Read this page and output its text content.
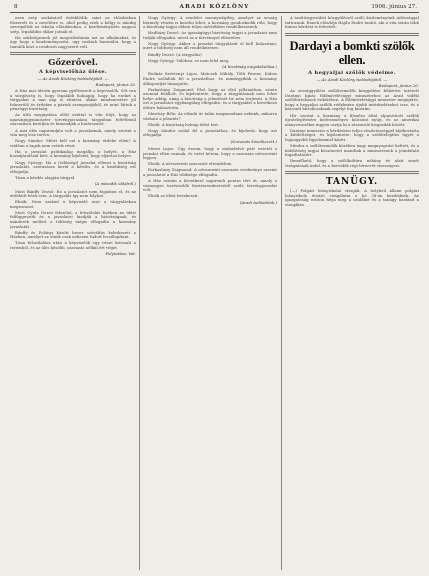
8	ARADI KÖZLÖNY	1906. június 27.

ezen szép szokásáról érdeklődik, mint az előadásban főszerelt és a nevelésre is, ahol pedig ezek a hölgy is mindig szerepeltek az iskolai előadásokon, a kezdeményezés nagyon szép, legalábbis ekkor jutnak el.

Ha szükségesnek jól megvalósítania azt az alkalmakat, és úgy hogy a kezdeményezést, ugy szoktak használni, hogy a tanulók közt a rendezés nagyszerű volt.

Gőzerővel.
A képviselőház ülése.
— Az Aradi Közlöny tudósítójától. —
Budapest, június 26.

A Ház mai ülésén gyorsan gyűlésezett a képviselők. Sőt van a sürgősség is, hogy legalább holnapig, hogy ha ezeket a tárgyakat a mai nap is elintézi, akkor mindenesetre jól felmerülő és érdekes a pártok szempontjából, és mint láttuk a pénzügyi bizottság.

Az ülés megnyitása előtt ezúttal is vita folyt, hogy az igazságügyminiszter törvényjavaslata tárgyában feltétlenül szavazásra kerüljön és kimondják a határozatot.

A mai ülés napirendjén volt a javaslatnak, amely szerint a vita meg lesz tartva.

Nagy Sándor: Miért kell ezt a kormány érdeke ellen? A vitában a tagok nem vettek részt.

Ha a javaslat politikailag megállja a helyét, a Ház hozzájárulását kéri, a kormány kijelenti, hogy eljárása helyes.

Nagy György: Ha a (többségi) javaslat ellenzi a bizottság javaslatát, szavazásra kerül a kérdés, és a kisebbség ezt elfogadja.

Tisza a kérdés alapján tárgyal.

(A második oldalról.)

Most Bánffy Dezső: Én a javaslatot nem fogadom el, és az érdekelt felek sem. A tárgyalás így nem folyhat.

Elnök: Nem szabad a képviselő urat a tárgyalásban megzavarni.

Most Gyula Dezső felszólal, a felszólalás fejében az ülést felfüggesztik és a javaslatot kiadják a bizottságnak, és mindezek mellett a többség mégis elfogadta a kormány javaslatát.

Bánffy és Polónyi között heves szóváltás keletkezett a Házban, amelyet az elnök csak nehezen tudott lecsillapítani.

Tisza felszólalása után a képviselők egy része kivonult a teremből, és az ülés később, szavazás nélkül ért véget.

Folytatása: Vat.

Nagy György: A rendelet mennyiségileg, amelyet az ország bármely részén is kezelni lehet, a kormány gondoskodik róla, hogy a bizottság tagjai ebben teljes mértékben rendelkezzenek.

Hadházy Dezső: Az igazságügyi bizottság tagjai a javaslatot nem tudják elfogadni, mivel az a törvénnyel ellentétes.

Nagy György: Akkor a javaslat tárgyalását el kell halasztani, mert a többség nem áll rendelkezésre.

Bánffy Dezső: (A tárgyalás)

Nagy György: Valóban, ez nem felel meg.

(A bizottság megalakulása.)

Bodnár Szévtenyi Lajos, Matcsek Mihály, Tóth Ferenc, Kabos Endre szólaltak fel a javaslathoz, és mindegyikük a kormány álláspontját támogatta.

Farkasházy Zsigmond: Első hogy az első pillanatban, szinte azonnal felállott, és kijelentette, hogy a tárgyalásnak nem lehet helye addig, amíg a bizottság a jelentését be nem terjeszti. A Ház ezt a javaslatot egyhangúlag elfogadta, és a tárgyalást a következő ülésre halasztotta.

Mezőssy Béla: Az előadó úr talán megmondaná nekünk, mikorra várható a jelentés?

Elnök: A bizottság holnap ülést tart.

Nagy Sándor szólal fel a javaslathoz, és kijelenti, hogy azt elfogadja.

(Szavazás következett.)

Mezei Lajos: Úgy érzem, hogy a szabadelvű párt vezetői a javaslat ellen vannak, és ezért kérem, hogy a szavazás névszerinti legyen.

Elnök: A névszerinti szavazást elrendelem.

Farkasházy Zsigmond: A névszerinti szavazás eredménye szerint a javaslatot a Ház többsége elfogadta.

A Ház ezután a következő napirendi pontra tért át, amely a vármegyei tisztviselők fizetésrendezéséről szóló törvényjavaslat volt.

Elnök az ülést berekeszti.

(Aradi tudósítónk.)

A tanítóegyesületi közgyűlésről szóló közleményünk Adóssággal tartozunk. Ennek előadója Hajdu Endre tanító, aki a vita során több fontos kérdést is felvetett.

Dardayi a bomkti szölők ellen.
A hegyaljai szőlők védelme.
— Az Aradi Közlöny tudósítójától. —
Budapest, június 26.

Az országgyűlési szőlőtermelők közgyűlése felkérést intézett Darányi Ignác földmívelésügyi miniszterhez az Arad vidéki szőlőbirtokosok érdekében. A földmívelésügyi miniszter megígérte, hogy a hegyaljai szőlők védelmére újabb intézkedéseket tesz, és a károsult birtokosoknak segélyt fog kiutalni.

Hír szerint a kormány a filoxéra által elpusztított szőlők újratelepítésére kedvezményes kölcsönt nyújt, és az amerikai alanyvesszőket ingyen osztja ki a rászoruló kisgazdák között.

Darányi miniszter a kérdésben teljes részletességgel tájékoztatta a küldöttséget, és kijelentette, hogy a szőlőtelepítés ügyét a legnagyobb figyelemmel kíséri.

Mindez a szőlőtermelők körében nagy megnyugvást keltett, és a küldöttség tagjai köszönetet mondtak a miniszternek a jóindulatú fogadtatásért.

Remélhető, hogy a szőlőkultúra néhány év alatt ismét virágzásnak indul, és a borvidék régi hírnevét visszanyeri.

TANÜGY.

(—) Polgári leányiskolai vizsgák. A helybeli állami polgári leányiskola évzáró vizsgálatai e hó 28-án kezdődnek. Az igazgatóság ezúton hívja meg a szülőket és a tanügy barátait a vizsgákra.
